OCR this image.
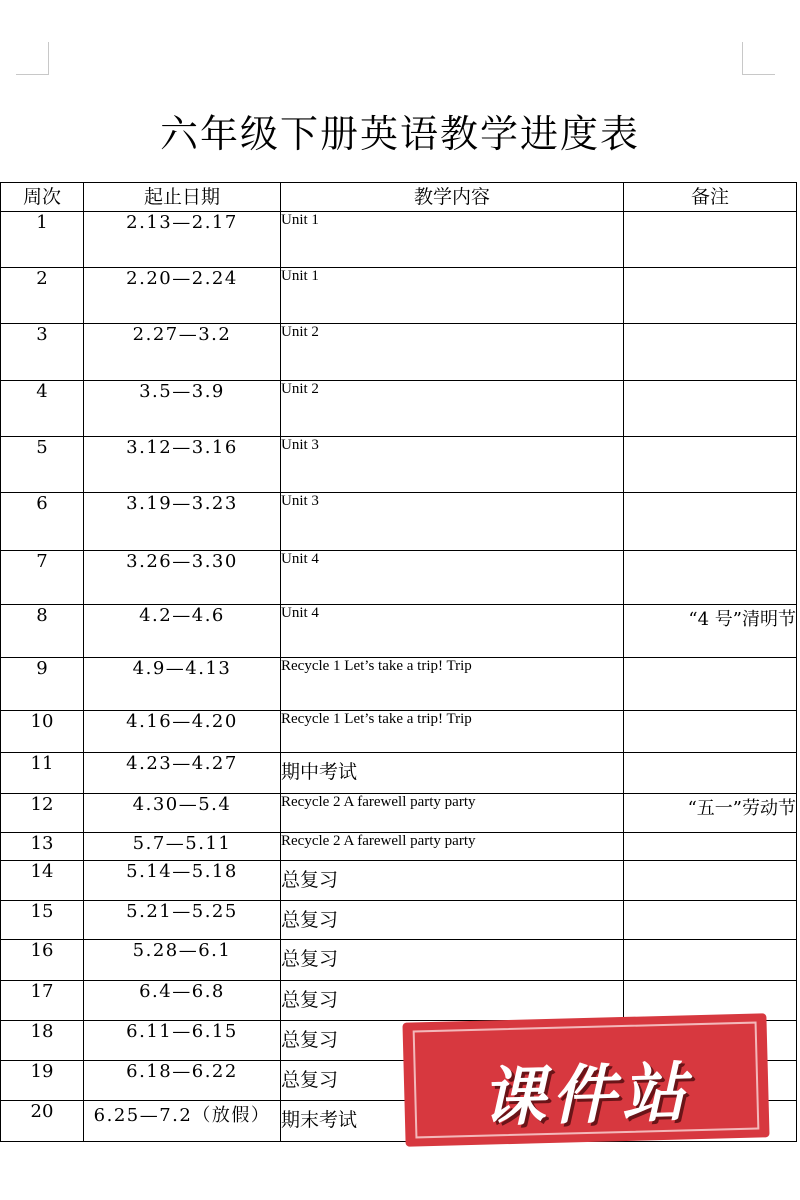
六年级下册英语教学进度表
周次	起止日期	教学内容	备注
1	2.13—2.17	Unit 1	
2	2.20—2.24	Unit 1	
3	2.27—3.2	Unit 2	
4	3.5—3.9	Unit 2	
5	3.12—3.16	Unit 3	
6	3.19—3.23	Unit 3	
7	3.26—3.30	Unit 4	
8	4.2—4.6	Unit 4	“4 号”清明节
9	4.9—4.13	Recycle 1 Let’s take a trip! Trip	
10	4.16—4.20	Recycle 1 Let’s take a trip! Trip	
11	4.23—4.27	期中考试	
12	4.30—5.4	Recycle 2 A farewell party party	“五一”劳动节
13	5.7—5.11	Recycle 2 A farewell party party	
14	5.14—5.18	总复习	
15	5.21—5.25	总复习	
16	5.28—6.1	总复习	
17	6.4—6.8	总复习	
18	6.11—6.15	总复习	
19	6.18—6.22	总复习	
20	6.25—7.2（放假）	期末考试		课件站
